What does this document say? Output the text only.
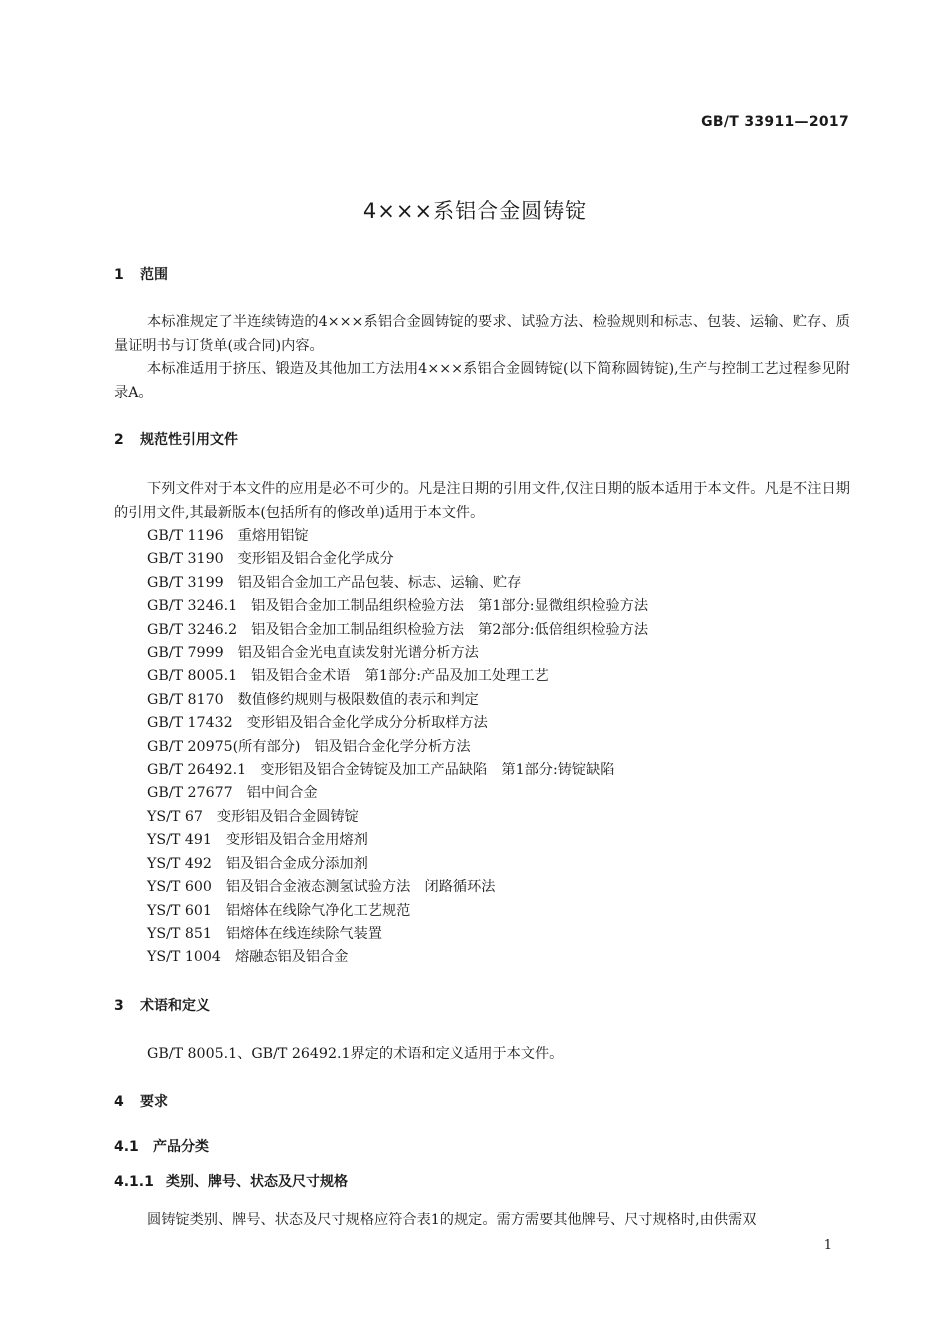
GB/T 33911—2017
4×××系铝合金圆铸锭
1 范围

本标准规定了半连续铸造的4×××系铝合金圆铸锭的要求、试验方法、检验规则和标志、包装、运输、贮存、质量证明书与订货单(或合同)内容。

本标准适用于挤压、锻造及其他加工方法用4×××系铝合金圆铸锭(以下简称圆铸锭),生产与控制工艺过程参见附录A。

2 规范性引用文件

下列文件对于本文件的应用是必不可少的。凡是注日期的引用文件,仅注日期的版本适用于本文件。凡是不注日期的引用文件,其最新版本(包括所有的修改单)适用于本文件。

GB/T 1196 重熔用铝锭
GB/T 3190 变形铝及铝合金化学成分
GB/T 3199 铝及铝合金加工产品包装、标志、运输、贮存
GB/T 3246.1 铝及铝合金加工制品组织检验方法　第1部分:显微组织检验方法
GB/T 3246.2 铝及铝合金加工制品组织检验方法　第2部分:低倍组织检验方法
GB/T 7999 铝及铝合金光电直读发射光谱分析方法
GB/T 8005.1 铝及铝合金术语　第1部分:产品及加工处理工艺
GB/T 8170 数值修约规则与极限数值的表示和判定
GB/T 17432 变形铝及铝合金化学成分分析取样方法
GB/T 20975(所有部分) 铝及铝合金化学分析方法
GB/T 26492.1 变形铝及铝合金铸锭及加工产品缺陷　第1部分:铸锭缺陷
GB/T 27677 铝中间合金
YS/T 67 变形铝及铝合金圆铸锭
YS/T 491 变形铝及铝合金用熔剂
YS/T 492 铝及铝合金成分添加剂
YS/T 600 铝及铝合金液态测氢试验方法　闭路循环法
YS/T 601 铝熔体在线除气净化工艺规范
YS/T 851 铝熔体在线连续除气装置
YS/T 1004 熔融态铝及铝合金
3 术语和定义

GB/T 8005.1、GB/T 26492.1界定的术语和定义适用于本文件。

4 要求
4.1 产品分类
4.1.1 类别、牌号、状态及尺寸规格

圆铸锭类别、牌号、状态及尺寸规格应符合表1的规定。需方需要其他牌号、尺寸规格时,由供需双

1
